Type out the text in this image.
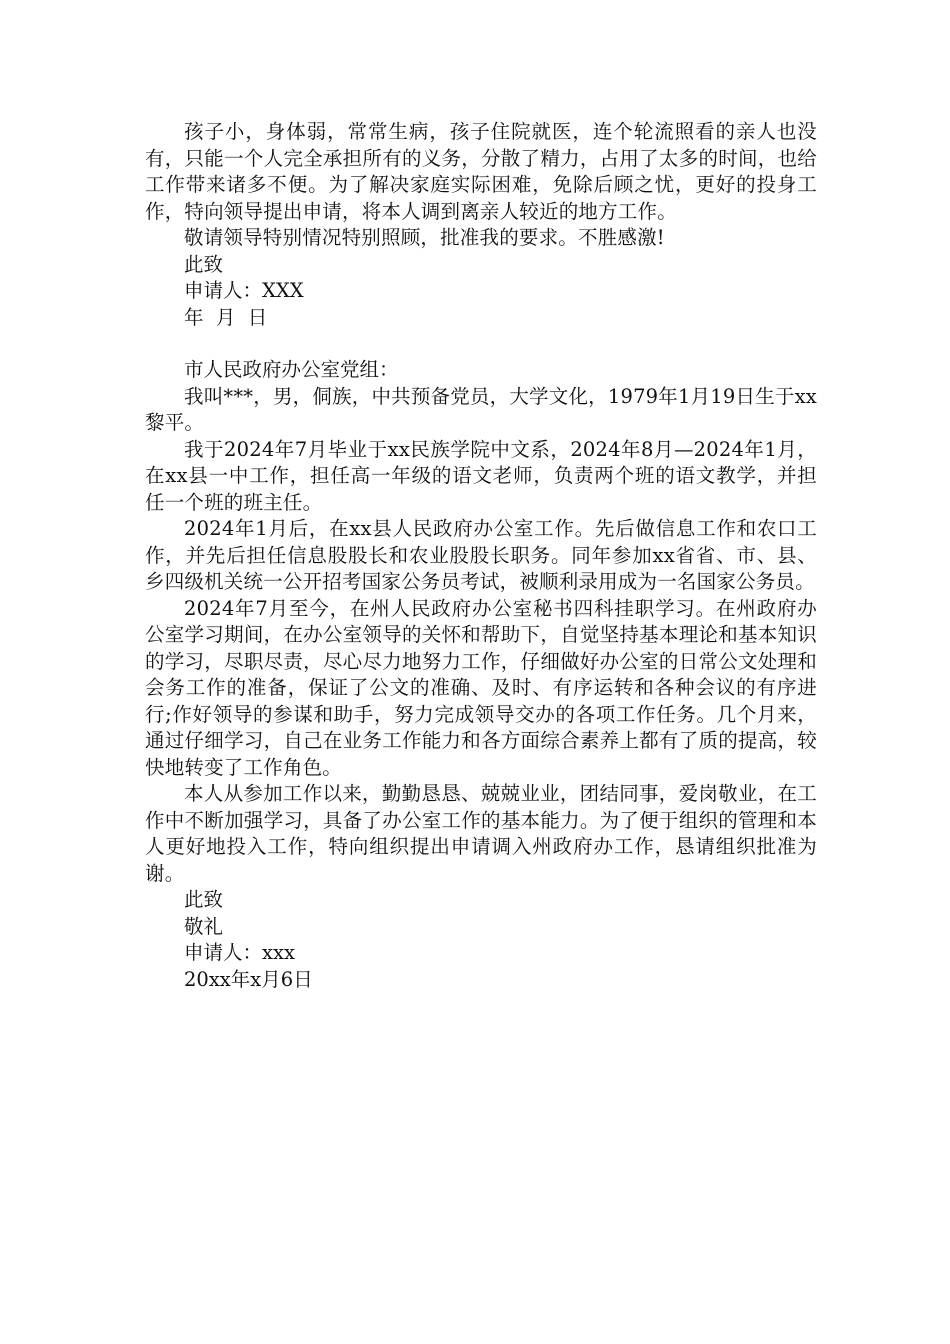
孩子小，身体弱，常常生病，孩子住院就医，连个轮流照看的亲人也没有，只能一个人完全承担所有的义务，分散了精力，占用了太多的时间，也给工作带来诸多不便。为了解决家庭实际困难，免除后顾之忧，更好的投身工作，特向领导提出申请，将本人调到离亲人较近的地方工作。

敬请领导特别情况特别照顾，批准我的要求。不胜感激!

此致

申请人：XXX

年  月  日

市人民政府办公室党组：

我叫***，男，侗族，中共预备党员，大学文化，1979年1月19日生于xx黎平。

我于2024年7月毕业于xx民族学院中文系，2024年8月—2024年1月，在xx县一中工作，担任高一年级的语文老师，负责两个班的语文教学，并担任一个班的班主任。

2024年1月后，在xx县人民政府办公室工作。先后做信息工作和农口工作，并先后担任信息股股长和农业股股长职务。同年参加xx省省、市、县、乡四级机关统一公开招考国家公务员考试，被顺利录用成为一名国家公务员。

2024年7月至今，在州人民政府办公室秘书四科挂职学习。在州政府办公室学习期间，在办公室领导的关怀和帮助下，自觉坚持基本理论和基本知识的学习，尽职尽责，尽心尽力地努力工作，仔细做好办公室的日常公文处理和会务工作的准备，保证了公文的准确、及时、有序运转和各种会议的有序进行;作好领导的参谋和助手，努力完成领导交办的各项工作任务。几个月来，通过仔细学习，自己在业务工作能力和各方面综合素养上都有了质的提高，较快地转变了工作角色。

本人从参加工作以来，勤勤恳恳、兢兢业业，团结同事，爱岗敬业，在工作中不断加强学习，具备了办公室工作的基本能力。为了便于组织的管理和本人更好地投入工作，特向组织提出申请调入州政府办工作，恳请组织批准为谢。

此致

敬礼

申请人：xxx

20xx年x月6日
